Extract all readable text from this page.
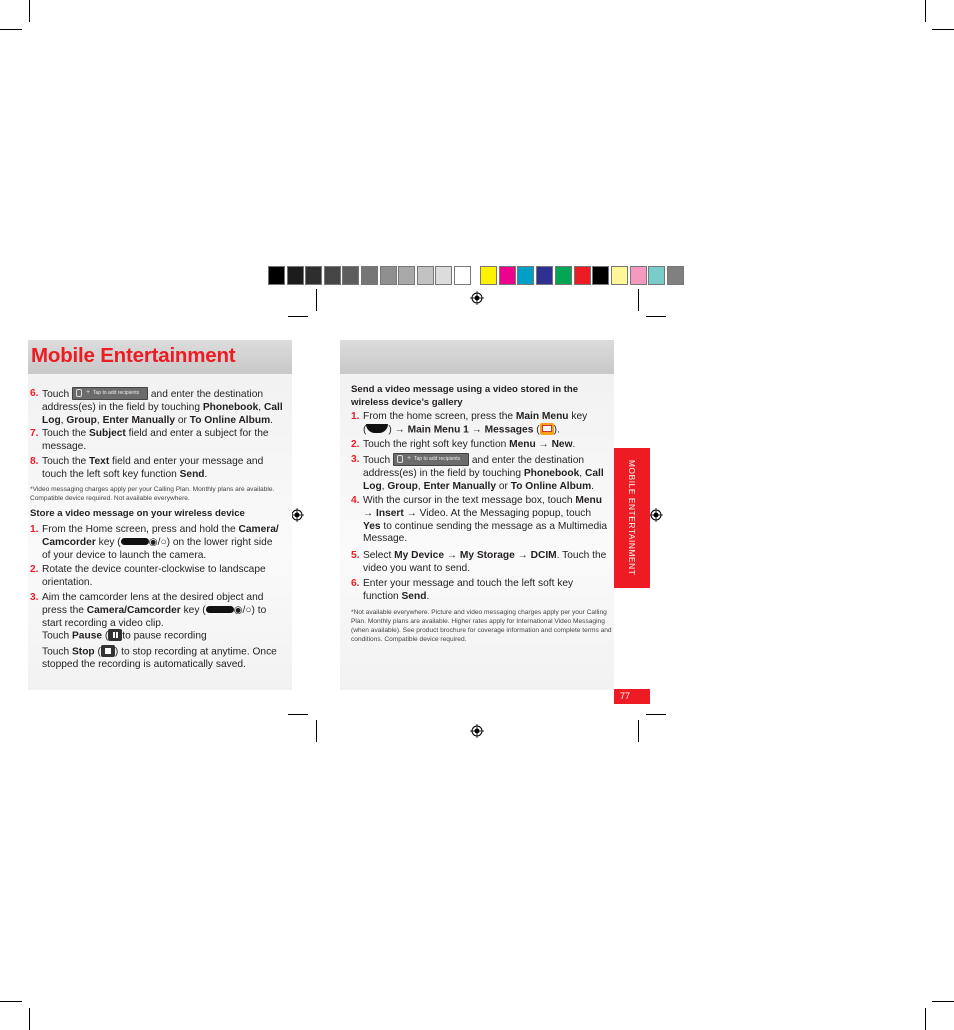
Mobile Entertainment
6. Touch + Tap to add recipients and enter the destination
address(es) in the field by touching Phonebook, Call
Log, Group, Enter Manually or To Online Album.
7. Touch the Subject field and enter a subject for the
message.
8. Touch the Text field and enter your message and
touch the left soft key function Send.
*Video messaging charges apply per your Calling Plan. Monthly plans are available.
Compatible device required. Not available everywhere.
Store a video message on your wireless device
1. From the Home screen, press and hold the Camera/
Camcorder key (	◉/○) on the lower right side
of your device to launch the camera.
2. Rotate the device counter-clockwise to landscape
orientation.
3. Aim the camcorder lens at the desired object and
press the Camera/Camcorder key (	◉/○) to
start recording a video clip.
Touch Pause ( to pause recording
Touch Stop ( ) to stop recording at anytime. Once
stopped the recording is automatically saved.
Send a video message using a video stored in the
wireless device’s gallery
1. From the home screen, press the Main Menu key
( ) → Main Menu 1 → Messages ( ).
2. Touch the right soft key function Menu → New.
3. Touch + Tap to add recipients and enter the destination
address(es) in the field by touching Phonebook, Call
Log, Group, Enter Manually or To Online Album.
4. With the cursor in the text message box, touch Menu
→ Insert → Video. At the Messaging popup, touch
Yes to continue sending the message as a Multimedia
Message.
5. Select My Device → My Storage → DCIM. Touch the
video you want to send.
6. Enter your message and touch the left soft key
function Send.
*Not available everywhere. Picture and video messaging charges apply per your Calling
Plan. Monthly plans are available. Higher rates apply for International Video Messaging
(when available). See product brochure for coverage information and complete terms and
conditions. Compatible device required.
MOBILE ENTERTAINMENT
77
